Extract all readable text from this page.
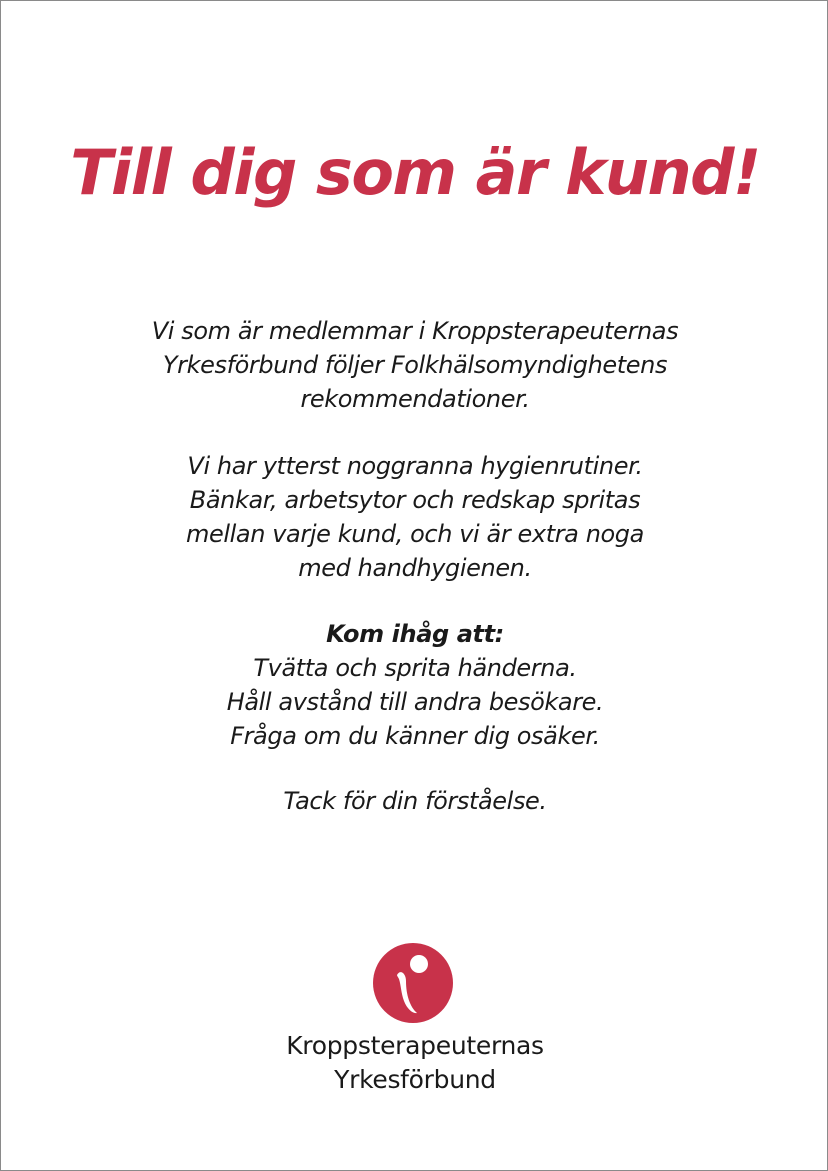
Till dig som är kund!

Vi som är medlemmar i Kroppsterapeuternas

Yrkesförbund följer Folkhälsomyndighetens

rekommendationer.

Vi har ytterst noggranna hygienrutiner.

Bänkar, arbetsytor och redskap spritas

mellan varje kund, och vi är extra noga

med handhygienen.

Kom ihåg att:

Tvätta och sprita händerna.

Håll avstånd till andra besökare.

Fråga om du känner dig osäker.

Tack för din förståelse.

Kroppsterapeuternas

Yrkesförbund
